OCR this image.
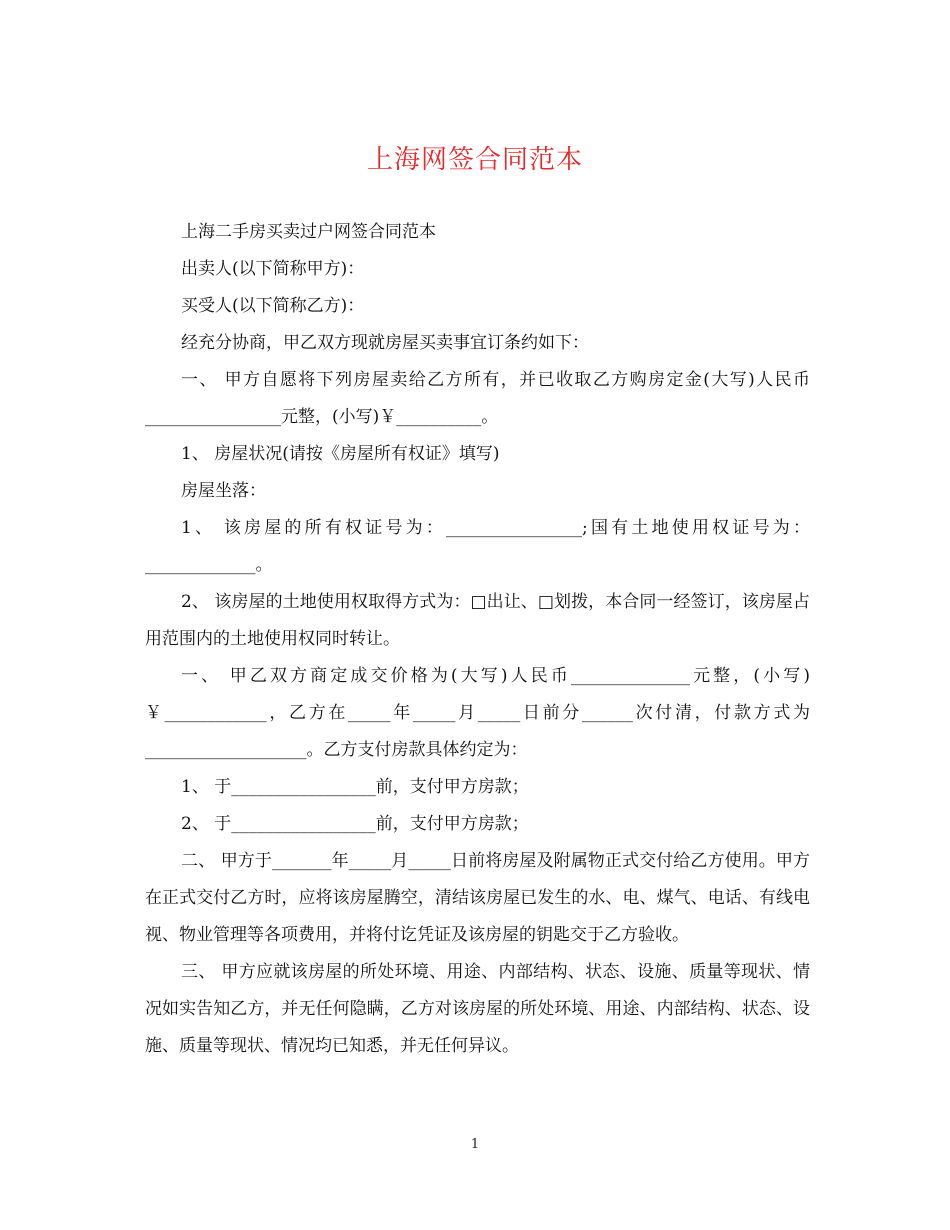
上海网签合同范本

上海二手房买卖过户网签合同范本

出卖人(以下简称甲方)：

买受人(以下简称乙方)：

经充分协商，甲乙双方现就房屋买卖事宜订条约如下：

一、 甲方自愿将下列房屋卖给乙方所有，并已收取乙方购房定金(大写)人民币________________元整，(小写)￥__________。

1、 房屋状况(请按《房屋所有权证》填写)

房屋坐落：

1、 该房屋的所有权证号为：________________;国有土地使用权证号为：_____________。

2、 该房屋的土地使用权取得方式为：□出让、□划拨，本合同一经签订，该房屋占用范围内的土地使用权同时转让。

一、 甲乙双方商定成交价格为(大写)人民币______________元整，(小写)￥____________，乙方在_____年_____月_____日前分______次付清，付款方式为___________________。乙方支付房款具体约定为：

1、 于_________________前，支付甲方房款；

2、 于_________________前，支付甲方房款；

二、 甲方于_______年_____月_____日前将房屋及附属物正式交付给乙方使用。甲方在正式交付乙方时，应将该房屋腾空，清结该房屋已发生的水、电、煤气、电话、有线电视、物业管理等各项费用，并将付讫凭证及该房屋的钥匙交于乙方验收。

三、 甲方应就该房屋的所处环境、用途、内部结构、状态、设施、质量等现状、情况如实告知乙方，并无任何隐瞒，乙方对该房屋的所处环境、用途、内部结构、状态、设施、质量等现状、情况均已知悉，并无任何异议。

1
